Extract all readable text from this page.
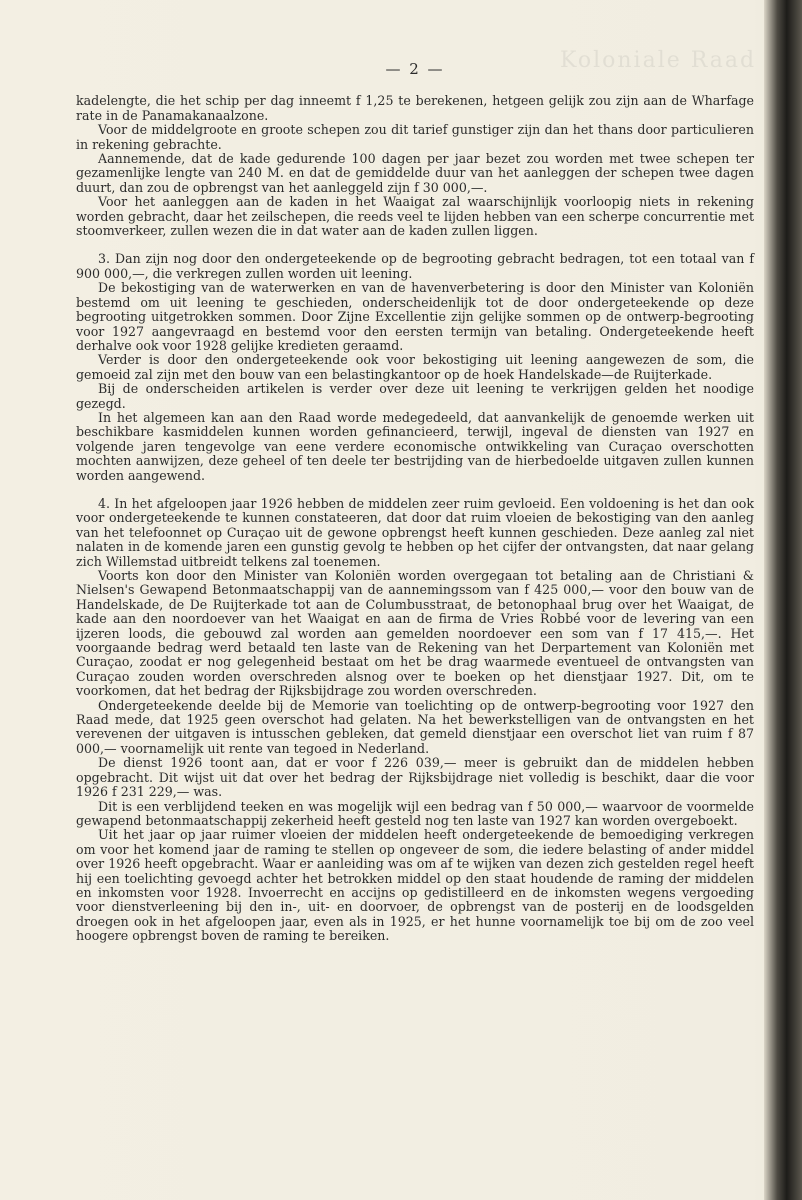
Koloniale Raad
— 2 —

kadelengte, die het schip per dag inneemt f 1,25 te berekenen, hetgeen gelijk zou zijn aan de Wharfage rate in de Panamakanaalzone.

Voor de middelgroote en groote schepen zou dit tarief gunstiger zijn dan het thans door particulieren in rekening gebrachte.

Aannemende, dat de kade gedurende 100 dagen per jaar bezet zou worden met twee schepen ter gezamenlijke lengte van 240 M. en dat de gemiddelde duur van het aanleggen der schepen twee dagen duurt, dan zou de opbrengst van het aanleggeld zijn f 30 000,—.

Voor het aanleggen aan de kaden in het Waaigat zal waarschijnlijk voorloopig niets in rekening worden gebracht, daar het zeilschepen, die reeds veel te lijden hebben van een scherpe concurrentie met stoomverkeer, zullen wezen die in dat water aan de kaden zullen liggen.

3. Dan zijn nog door den ondergeteekende op de begrooting gebracht bedragen, tot een totaal van f 900 000,—, die verkregen zullen worden uit leening.

De bekostiging van de waterwerken en van de havenverbetering is door den Minister van Koloniën bestemd om uit leening te geschieden, onderscheidenlijk tot de door ondergeteekende op deze begrooting uitgetrokken sommen. Door Zijne Excellentie zijn gelijke sommen op de ontwerp-begrooting voor 1927 aangevraagd en bestemd voor den eersten termijn van betaling. Ondergeteekende heeft derhalve ook voor 1928 gelijke kredieten geraamd.

Verder is door den ondergeteekende ook voor bekostiging uit leening aangewezen de som, die gemoeid zal zijn met den bouw van een belastingkantoor op de hoek Handelskade—de Ruijterkade.

Bij de onderscheiden artikelen is verder over deze uit leening te verkrijgen gelden het noodige gezegd.

In het algemeen kan aan den Raad worde medegedeeld, dat aanvankelijk de genoemde werken uit beschikbare kasmiddelen kunnen worden gefinancieerd, terwijl, ingeval de diensten van 1927 en volgende jaren tengevolge van eene verdere economische ontwikkeling van Curaçao overschotten mochten aanwijzen, deze geheel of ten deele ter bestrijding van de hierbedoelde uitgaven zullen kunnen worden aangewend.

4. In het afgeloopen jaar 1926 hebben de middelen zeer ruim gevloeid. Een voldoening is het dan ook voor ondergeteekende te kunnen constateeren, dat door dat ruim vloeien de bekostiging van den aanleg van het telefoonnet op Curaçao uit de gewone opbrengst heeft kunnen geschieden. Deze aanleg zal niet nalaten in de komende jaren een gunstig gevolg te hebben op het cijfer der ontvangsten, dat naar gelang zich Willemstad uitbreidt telkens zal toenemen.

Voorts kon door den Minister van Koloniën worden overgegaan tot betaling aan de Christiani & Nielsen's Gewapend Betonmaatschappij van de aannemingssom van f 425 000,— voor den bouw van de Handelskade, de De Ruijterkade tot aan de Columbusstraat, de betonophaal brug over het Waaigat, de kade aan den noordoever van het Waaigat en aan de firma de Vries Robbé voor de levering van een ijzeren loods, die gebouwd zal worden aan gemelden noordoever een som van f 17 415,—. Het voorgaande bedrag werd betaald ten laste van de Rekening van het Derpartement van Koloniën met Curaçao, zoodat er nog gelegenheid bestaat om het be drag waarmede eventueel de ontvangsten van Curaçao zouden worden overschreden alsnog over te boeken op het dienstjaar 1927. Dit, om te voorkomen, dat het bedrag der Rijksbijdrage zou worden overschreden.

Ondergeteekende deelde bij de Memorie van toelichting op de ontwerp-begrooting voor 1927 den Raad mede, dat 1925 geen overschot had gelaten. Na het bewerkstelligen van de ontvangsten en het verevenen der uitgaven is intusschen gebleken, dat gemeld dienstjaar een overschot liet van ruim f 87 000,— voornamelijk uit rente van tegoed in Nederland.

De dienst 1926 toont aan, dat er voor f 226 039,— meer is gebruikt dan de middelen hebben opgebracht. Dit wijst uit dat over het bedrag der Rijksbijdrage niet volledig is beschikt, daar die voor 1926 f 231 229,— was.

Dit is een verblijdend teeken en was mogelijk wijl een bedrag van f 50 000,— waarvoor de voormelde gewapend betonmaatschappij zekerheid heeft gesteld nog ten laste van 1927 kan worden overgeboekt.

Uit het jaar op jaar ruimer vloeien der middelen heeft ondergeteekende de bemoediging verkregen om voor het komend jaar de raming te stellen op ongeveer de som, die iedere belasting of ander middel over 1926 heeft opgebracht. Waar er aanleiding was om af te wijken van dezen zich gestelden regel heeft hij een toelichting gevoegd achter het betrokken middel op den staat houdende de raming der middelen en inkomsten voor 1928. Invoerrecht en accijns op gedistilleerd en de inkomsten wegens vergoeding voor dienstverleening bij den in-, uit- en doorvoer, de opbrengst van de posterij en de loodsgelden droegen ook in het afgeloopen jaar, even als in 1925, er het hunne voornamelijk toe bij om de zoo veel hoogere opbrengst boven de raming te bereiken.
